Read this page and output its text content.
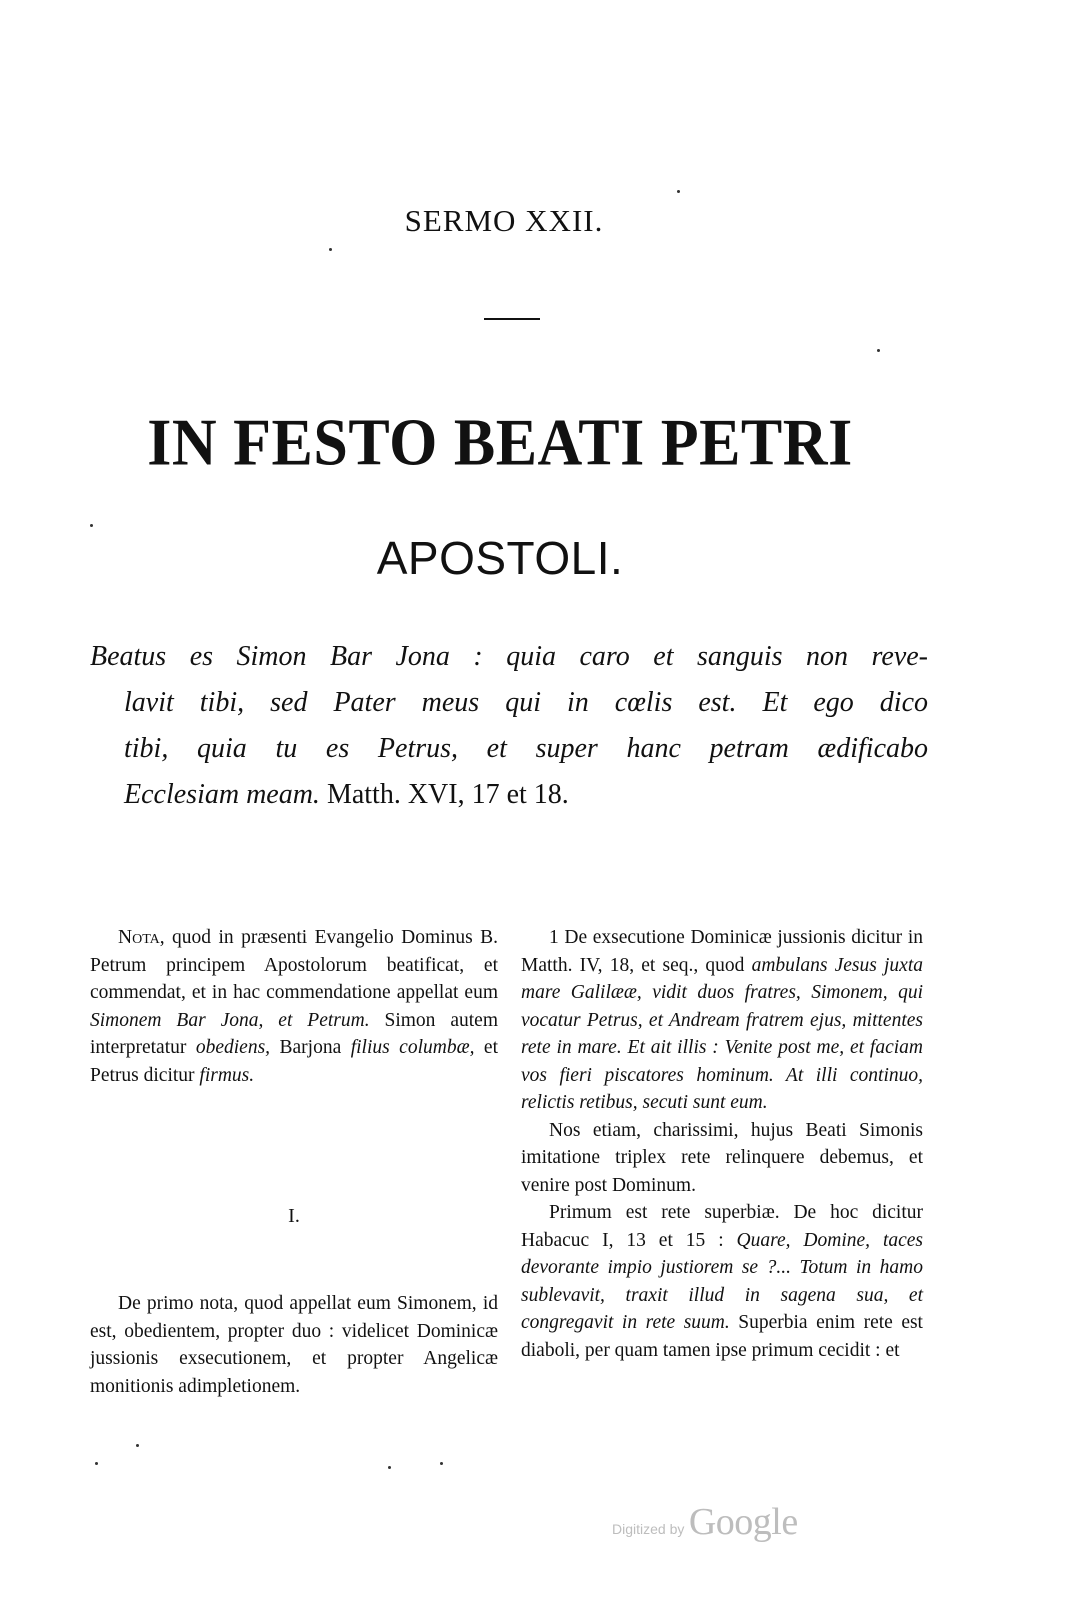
SERMO XXII.
IN FESTO BEATI PETRI
APOSTOLI.
Beatus es Simon Bar Jona : quia caro et sanguis non reve-
lavit tibi, sed Pater meus qui in cœlis est. Et ego dico
tibi, quia tu es Petrus, et super hanc petram ædificabo
Ecclesiam meam. Matth. XVI, 17 et 18.

Nota, quod in præsenti Evangelio Dominus B. Petrum principem Apostolorum beatificat, et commendat, et in hac commendatione appellat eum Simonem Bar Jona, et Petrum. Simon autem interpretatur obediens, Barjona filius columbæ, et Petrus dicitur firmus.

I.

De primo nota, quod appellat eum Simonem, id est, obedientem, propter duo : videlicet Dominicæ jussionis exsecutionem, et propter Angelicæ monitionis adimpletionem.

1 De exsecutione Dominicæ jussionis dicitur in Matth. IV, 18, et seq., quod ambulans Jesus juxta mare Galilææ, vidit duos fratres, Simonem, qui vocatur Petrus, et Andream fratrem ejus, mittentes rete in mare. Et ait illis : Venite post me, et faciam vos fieri piscatores hominum. At illi continuo, relictis retibus, secuti sunt eum.

Nos etiam, charissimi, hujus Beati Simonis imitatione triplex rete relinquere debemus, et venire post Dominum.

Primum est rete superbiæ. De hoc dicitur Habacuc I, 13 et 15 : Quare, Domine, taces devorante impio justiorem se ?... Totum in hamo sublevavit, traxit illud in sagena sua, et congregavit in rete suum. Superbia enim rete est diaboli, per quam tamen ipse primum cecidit : et

Digitized by Google
